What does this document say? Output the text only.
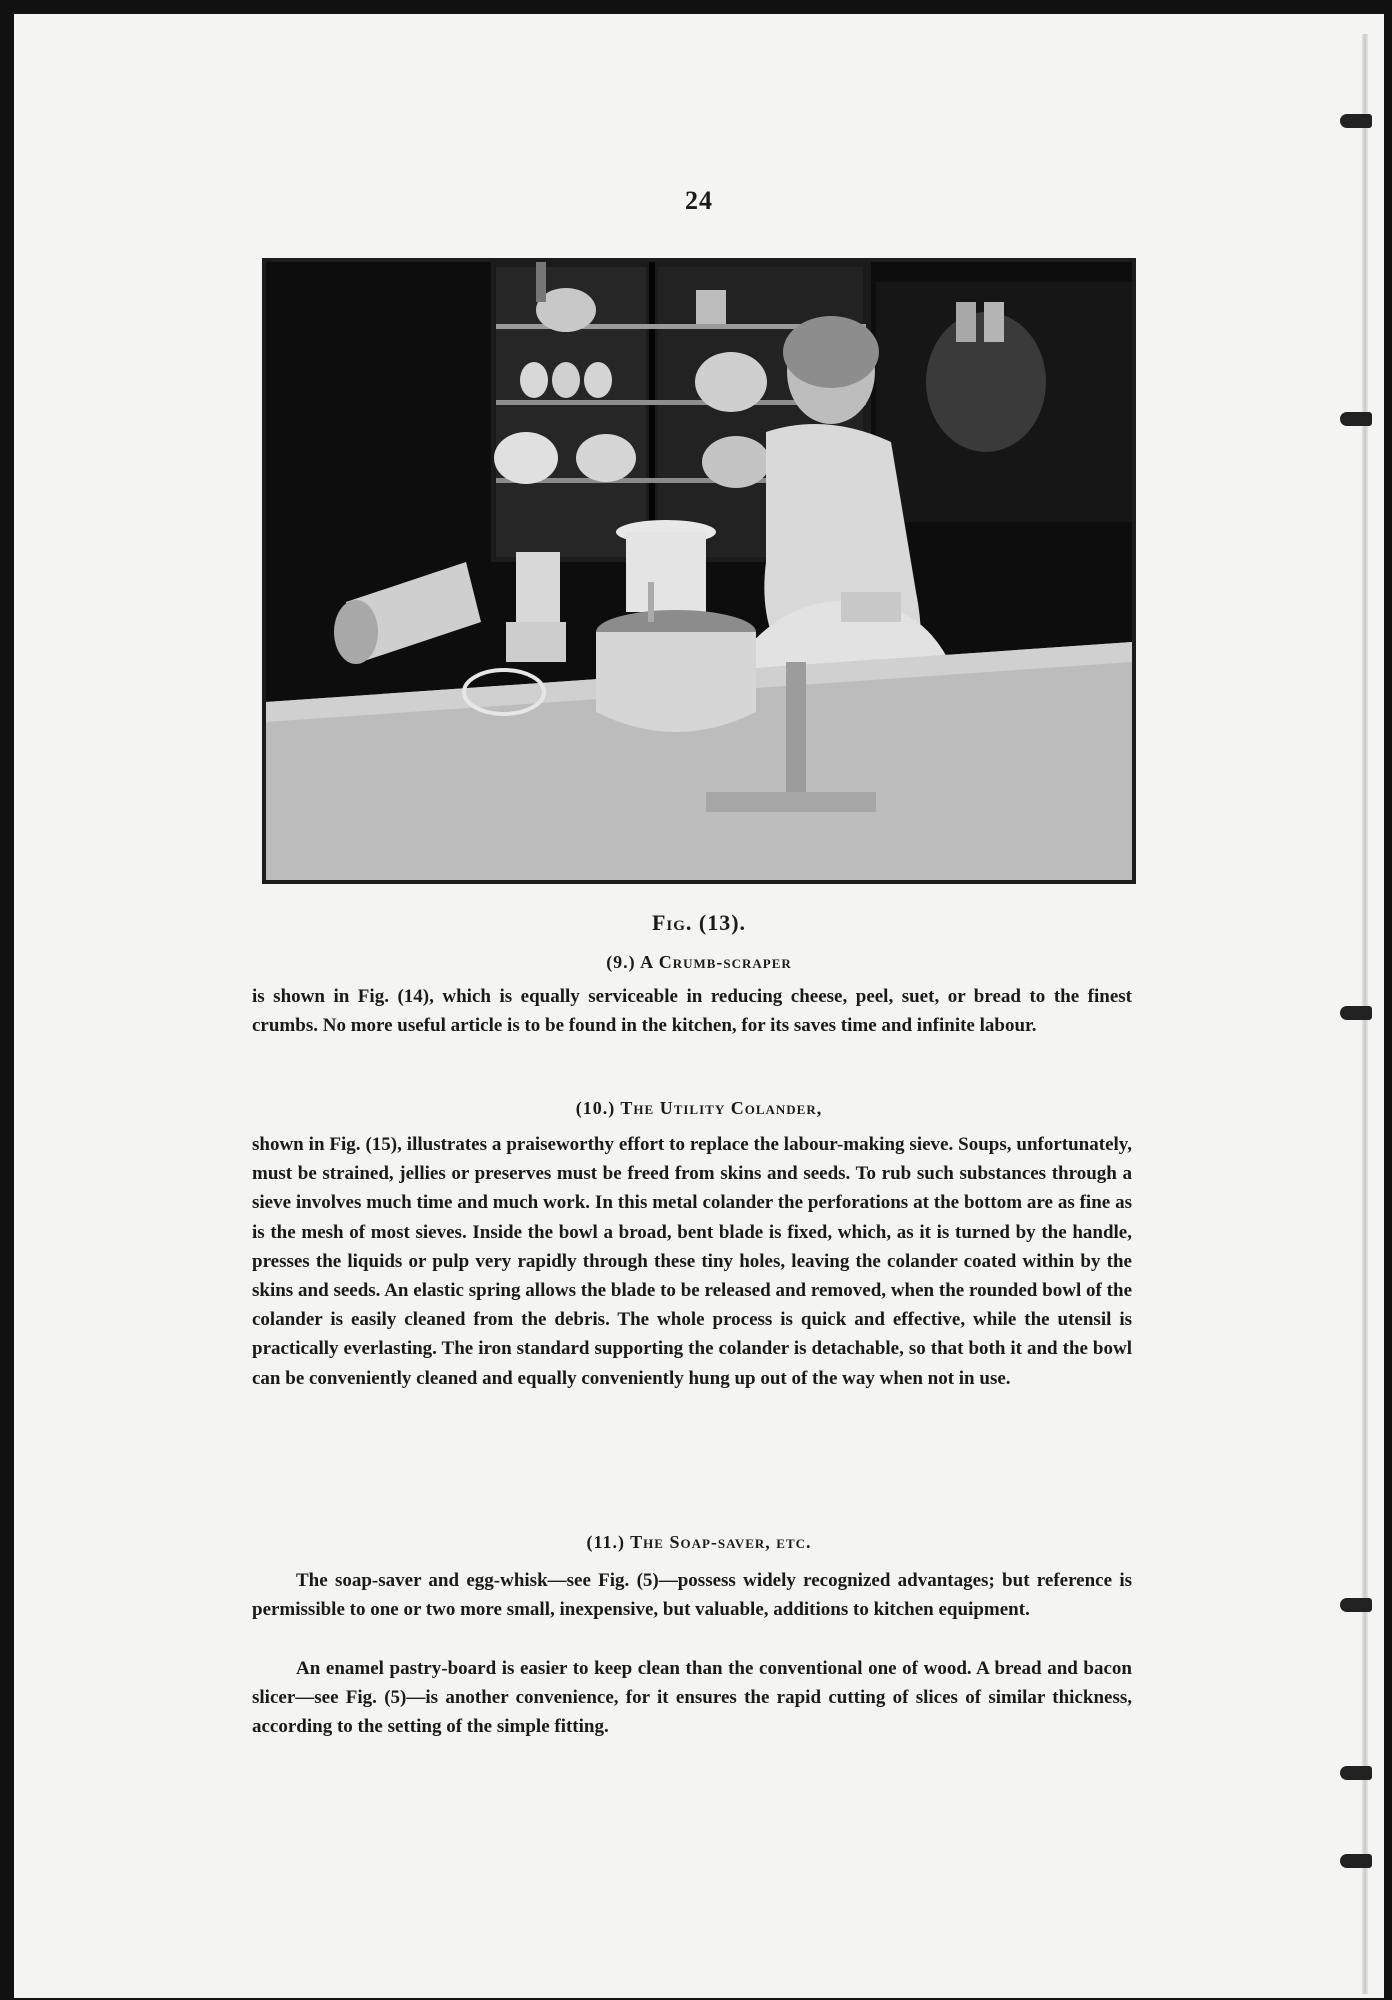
24
Fig. (13).
(9.) A Crumb-scraper

is shown in Fig. (14), which is equally serviceable in reducing cheese, peel, suet, or bread to the finest crumbs. No more useful article is to be found in the kitchen, for its saves time and infinite labour.

(10.) The Utility Colander,

shown in Fig. (15), illustrates a praiseworthy effort to replace the labour-making sieve. Soups, unfortunately, must be strained, jellies or preserves must be freed from skins and seeds. To rub such substances through a sieve involves much time and much work. In this metal colander the perforations at the bottom are as fine as is the mesh of most sieves. Inside the bowl a broad, bent blade is fixed, which, as it is turned by the handle, presses the liquids or pulp very rapidly through these tiny holes, leaving the colander coated within by the skins and seeds. An elastic spring allows the blade to be released and removed, when the rounded bowl of the colander is easily cleaned from the debris. The whole process is quick and effective, while the utensil is practically everlasting. The iron standard supporting the colander is detachable, so that both it and the bowl can be conveniently cleaned and equally conveniently hung up out of the way when not in use.

(11.) The Soap-saver, etc.

The soap-saver and egg-whisk—see Fig. (5)—possess widely recognized advantages; but reference is permissible to one or two more small, inexpensive, but valuable, additions to kitchen equipment.

An enamel pastry-board is easier to keep clean than the conventional one of wood. A bread and bacon slicer—see Fig. (5)—is another convenience, for it ensures the rapid cutting of slices of similar thickness, according to the setting of the simple fitting.
